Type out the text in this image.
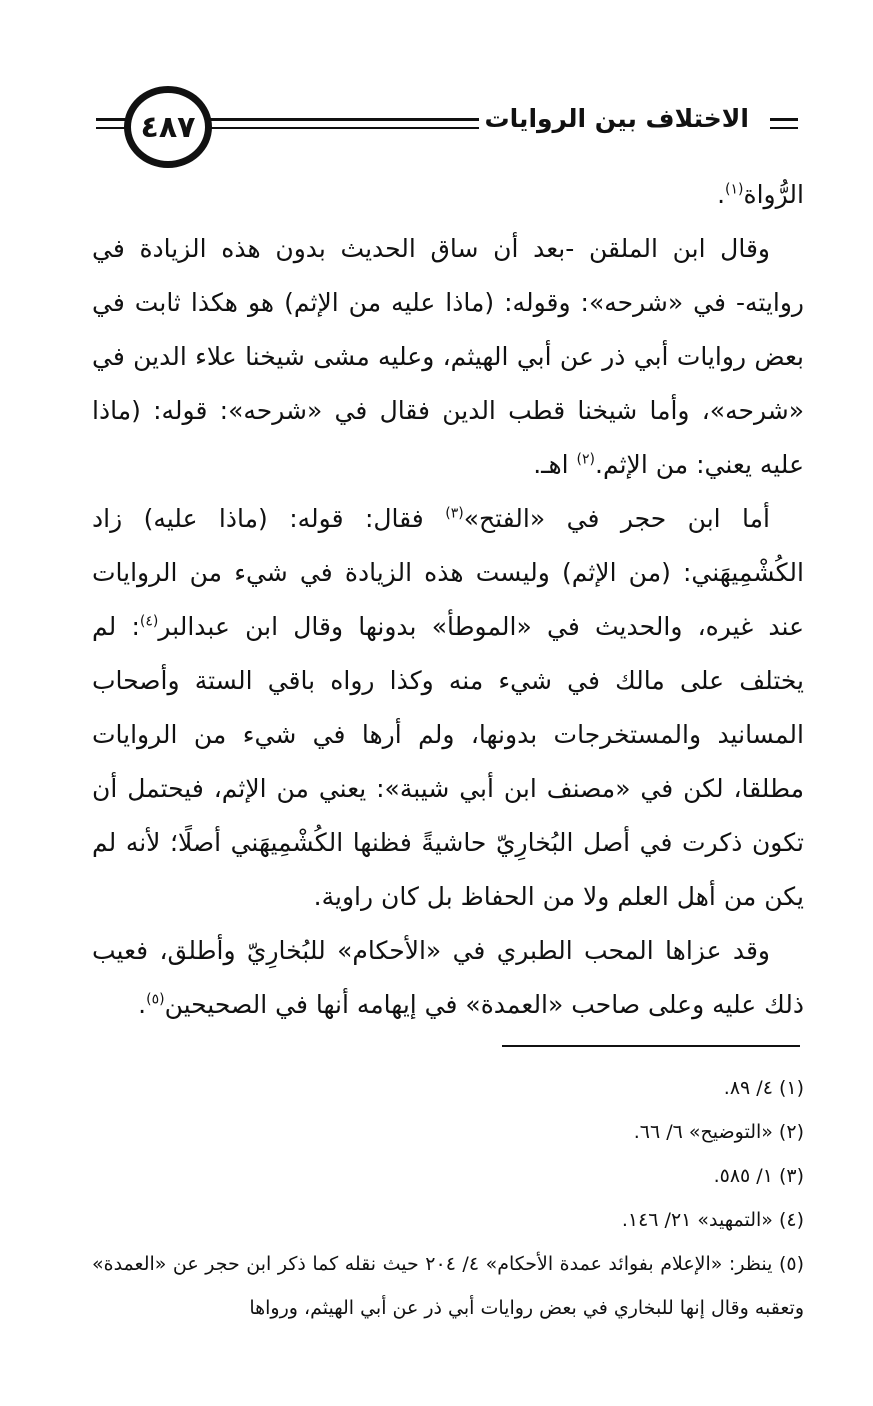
٤٨٧	الاختلاف بين الروايات

الرُّواة$^{(١)}$.

وقال ابن الملقن -بعد أن ساق الحديث بدون هذه الزيادة في روايته- في «شرحه»: وقوله: (ماذا عليه من الإثم) هو هكذا ثابت في بعض روايات أبي ذر عن أبي الهيثم، وعليه مشى شيخنا علاء الدين في «شرحه»، وأما شيخنا قطب الدين فقال في «شرحه»: قوله: (ماذا عليه يعني: من الإثم.$^{(٢)}$ اهـ.

أما ابن حجر في «الفتح»$^{(٣)}$ فقال: قوله: (ماذا عليه) زاد الكُشْمِيهَني: (من الإثم) وليست هذه الزيادة في شيء من الروايات عند غيره، والحديث في «الموطأ» بدونها وقال ابن عبدالبر$^{(٤)}$: لم يختلف على مالك في شيء منه وكذا رواه باقي الستة وأصحاب المسانيد والمستخرجات بدونها، ولم أرها في شيء من الروايات مطلقا، لكن في «مصنف ابن أبي شيبة»: يعني من الإثم، فيحتمل أن تكون ذكرت في أصل البُخارِيّ حاشيةً فظنها الكُشْمِيهَني أصلًا؛ لأنه لم يكن من أهل العلم ولا من الحفاظ بل كان راوية.

وقد عزاها المحب الطبري في «الأحكام» للبُخارِيّ وأطلق، فعيب ذلك عليه وعلى صاحب «العمدة» في إيهامه أنها في الصحيحين$^{(٥)}$.

(١) ٤/ ٨٩.

(٢) «التوضيح» ٦/ ٦٦.

(٣) ١/ ٥٨٥.

(٤) «التمهيد» ٢١/ ١٤٦.

(٥) ينظر: «الإعلام بفوائد عمدة الأحكام» ٤/ ٢٠٤ حيث نقله كما ذكر ابن حجر عن «العمدة» وتعقبه وقال إنها للبخاري في بعض روايات أبي ذر عن أبي الهيثم، ورواها
